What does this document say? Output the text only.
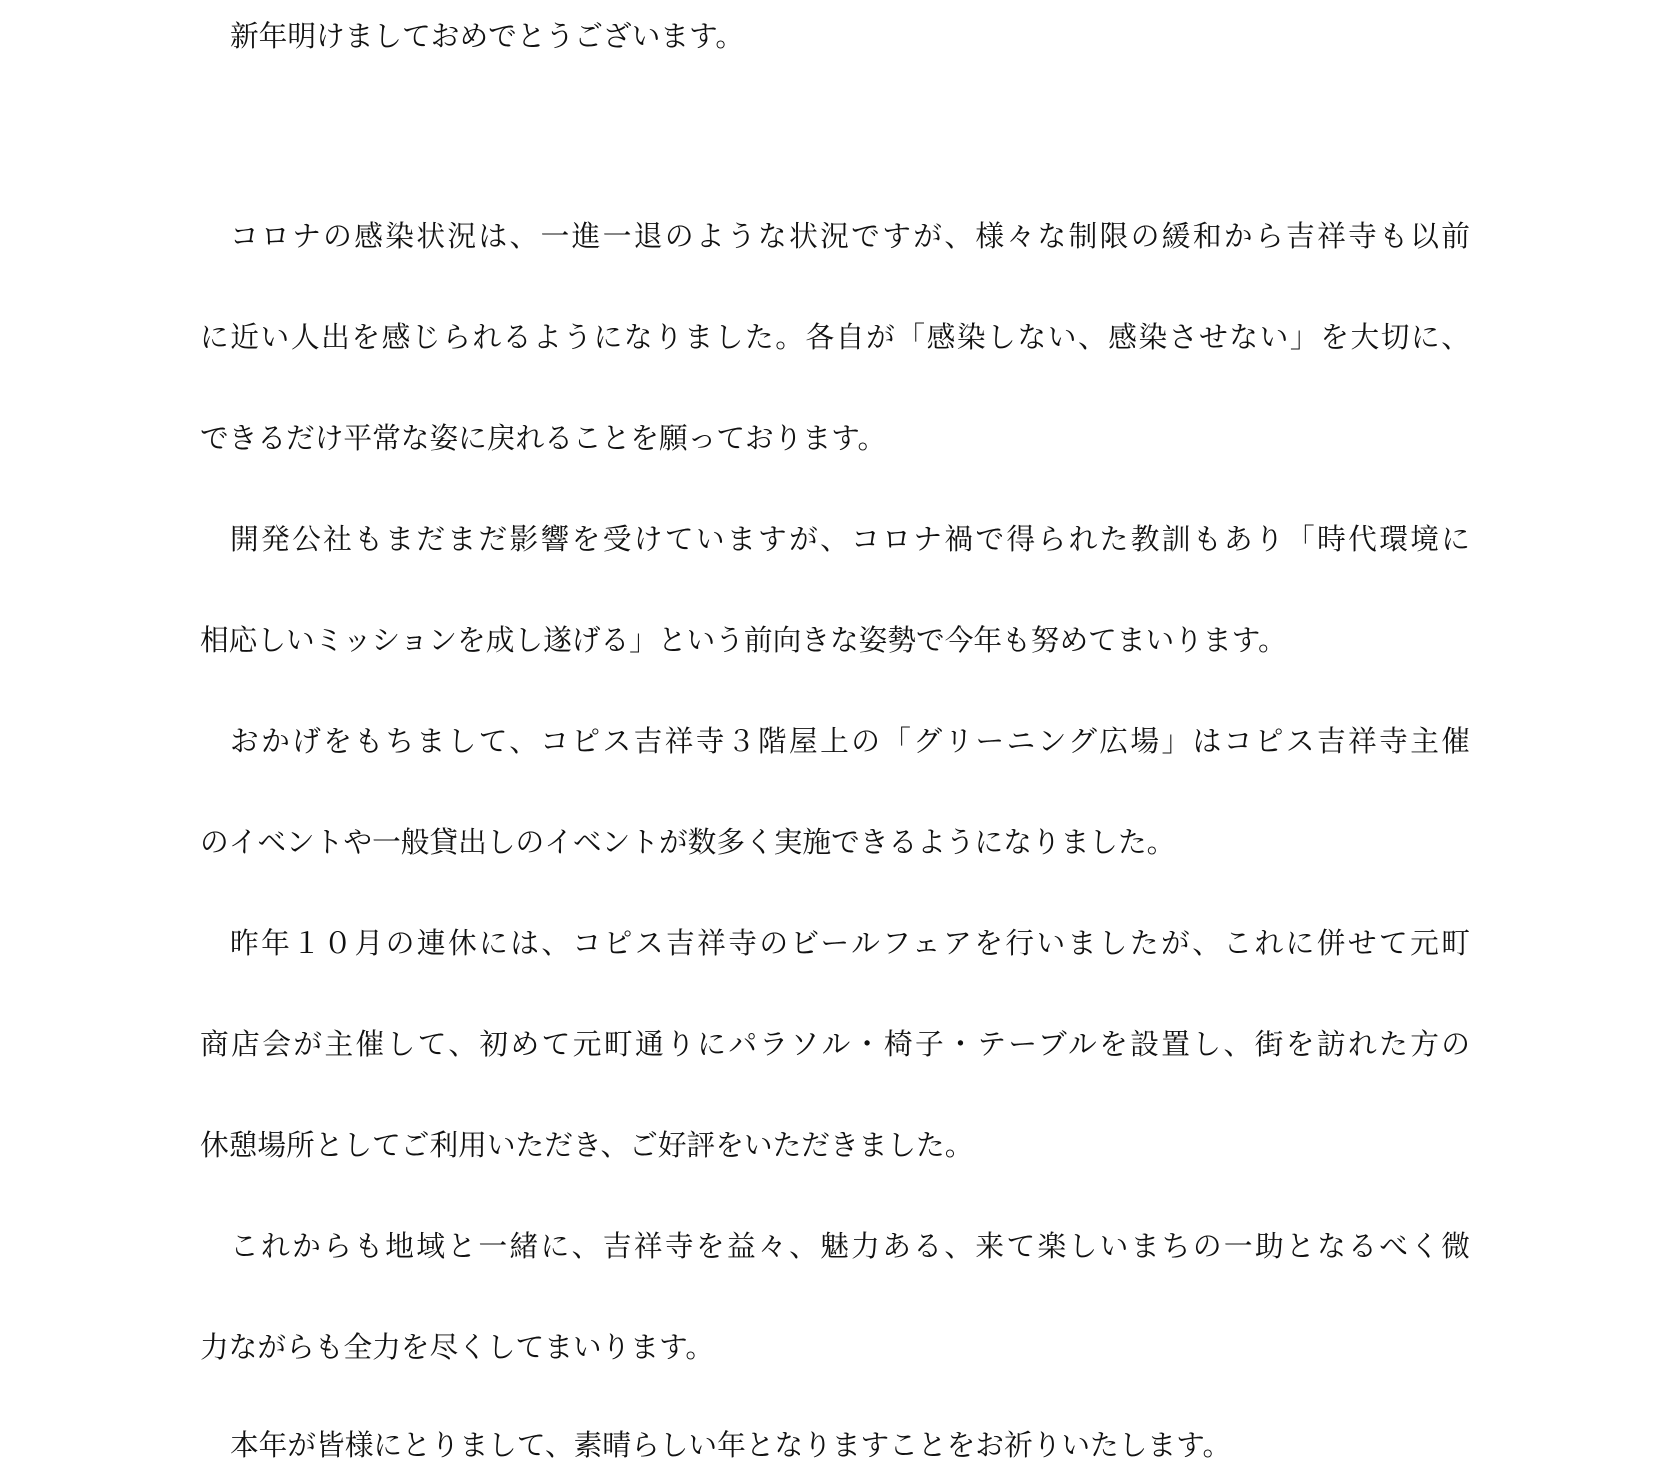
新年明けましておめでとうございます。

コロナの感染状況は、一進一退のような状況ですが、様々な制限の緩和から吉祥寺も以前

に近い人出を感じられるようになりました。各自が「感染しない、感染させない」を大切に、

できるだけ平常な姿に戻れることを願っております。

開発公社もまだまだ影響を受けていますが、コロナ禍で得られた教訓もあり「時代環境に

相応しいミッションを成し遂げる」という前向きな姿勢で今年も努めてまいります。

おかげをもちまして、コピス吉祥寺３階屋上の「グリーニング広場」はコピス吉祥寺主催

のイベントや一般貸出しのイベントが数多く実施できるようになりました。

昨年１０月の連休には、コピス吉祥寺のビールフェアを行いましたが、これに併せて元町

商店会が主催して、初めて元町通りにパラソル・椅子・テーブルを設置し、街を訪れた方の

休憩場所としてご利用いただき、ご好評をいただきました。

これからも地域と一緒に、吉祥寺を益々、魅力ある、来て楽しいまちの一助となるべく微

力ながらも全力を尽くしてまいります。

本年が皆様にとりまして、素晴らしい年となりますことをお祈りいたします。
